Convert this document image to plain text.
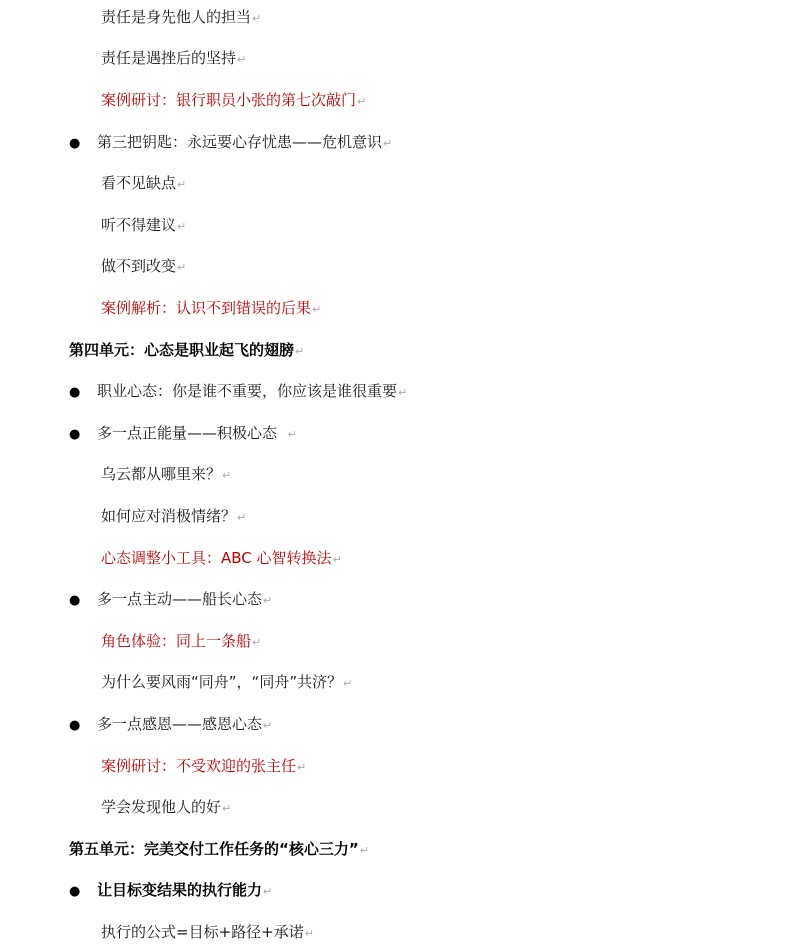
责任是身先他人的担当↵
责任是遇挫后的坚持↵
案例研讨：银行职员小张的第七次敲门↵
● 第三把钥匙：永远要心存忧患——危机意识↵
看不见缺点↵
听不得建议↵
做不到改变↵
案例解析：认识不到错误的后果↵
第四单元：心态是职业起飞的翅膀↵
● 职业心态：你是谁不重要，你应该是谁很重要↵
● 多一点正能量——积极心态  ↵
乌云都从哪里来？↵
如何应对消极情绪？↵
心态调整小工具：ABC 心智转换法↵
● 多一点主动——船长心态↵
角色体验：同上一条船↵
为什么要风雨“同舟”，“同舟”共济？↵
● 多一点感恩——感恩心态↵
案例研讨：不受欢迎的张主任↵
学会发现他人的好↵
第五单元：完美交付工作任务的“核心三力”↵
● 让目标变结果的执行能力↵
执行的公式=目标+路径+承诺↵
